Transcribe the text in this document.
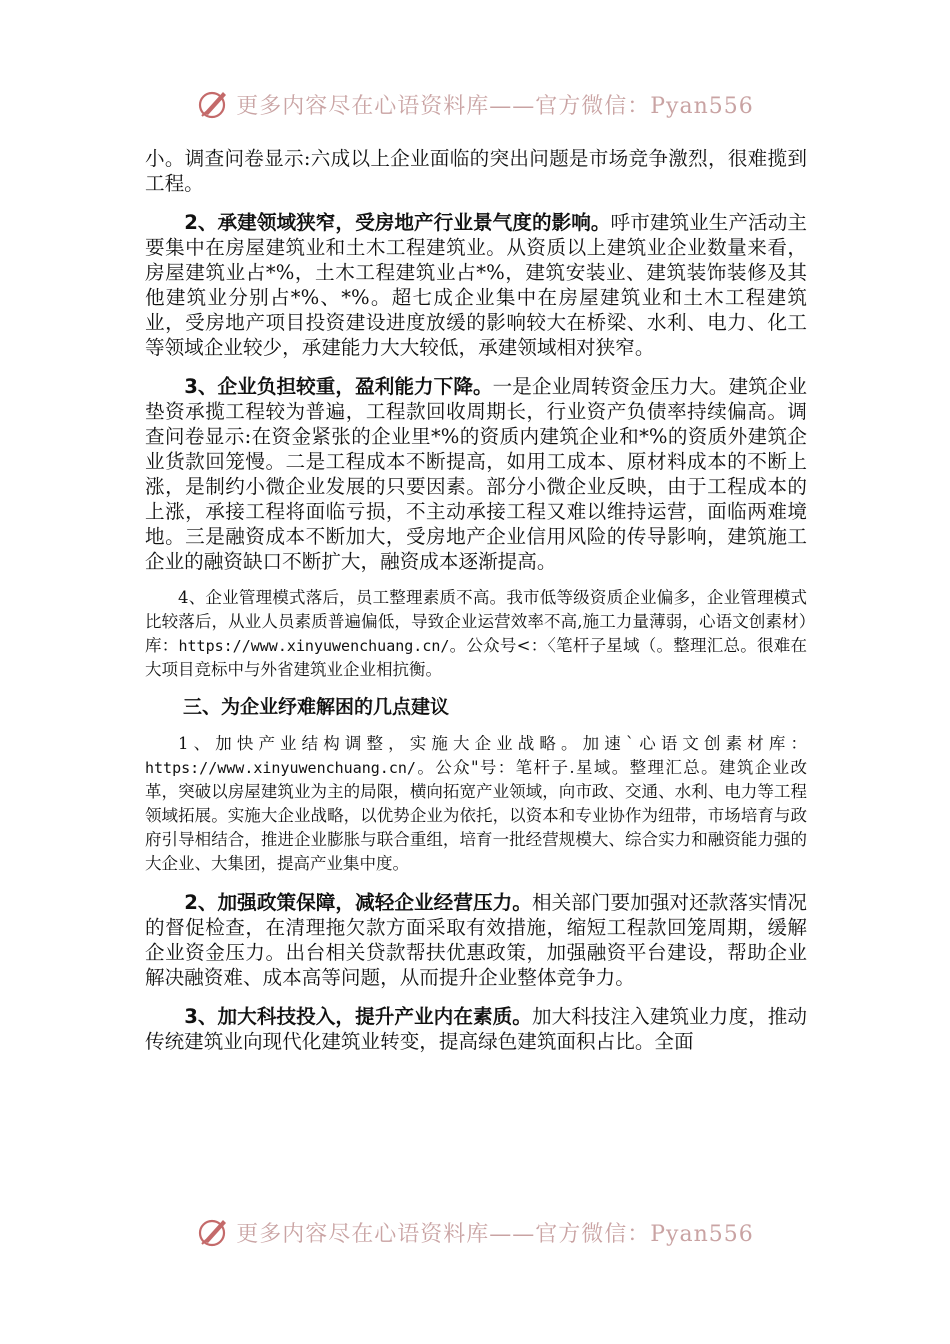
更多内容尽在心语资料库——官方微信：Pyan556

小。调查问卷显示:六成以上企业面临的突出问题是市场竞争激烈，很难揽到工程。

2、承建领域狭窄，受房地产行业景气度的影响。呼市建筑业生产活动主要集中在房屋建筑业和土木工程建筑业。从资质以上建筑业企业数量来看，房屋建筑业占*%，土木工程建筑业占*%，建筑安装业、建筑装饰装修及其他建筑业分别占*%、*%。超七成企业集中在房屋建筑业和土木工程建筑业，受房地产项目投资建设进度放缓的影响较大在桥梁、水利、电力、化工等领域企业较少，承建能力大大较低，承建领域相对狭窄。

3、企业负担较重，盈利能力下降。一是企业周转资金压力大。建筑企业垫资承揽工程较为普遍，工程款回收周期长，行业资产负债率持续偏高。调查问卷显示:在资金紧张的企业里*%的资质内建筑企业和*%的资质外建筑企业货款回笼慢。二是工程成本不断提高，如用工成本、原材料成本的不断上涨，是制约小微企业发展的只要因素。部分小微企业反映，由于工程成本的上涨，承接工程将面临亏损，不主动承接工程又难以维持运营，面临两难境地。三是融资成本不断加大，受房地产企业信用风险的传导影响，建筑施工企业的融资缺口不断扩大，融资成本逐渐提高。

4、企业管理模式落后，员工整理素质不高。我市低等级资质企业偏多，企业管理模式比较落后，从业人员素质普遍偏低，导致企业运营效率不高,施工力量薄弱，心语文创素材）库：https://www.xinyuwenchuang.cn/。公众号<：〈笔杆子星域（。整理汇总。很难在大项目竞标中与外省建筑业企业相抗衡。

三、为企业纾难解困的几点建议

1、加快产业结构调整，实施大企业战略。加速`心语文创素材库：https://www.xinyuwenchuang.cn/。公众"号：笔杆子.星域。整理汇总。建筑企业改革，突破以房屋建筑业为主的局限，横向拓宽产业领域，向市政、交通、水利、电力等工程领域拓展。实施大企业战略，以优势企业为依托，以资本和专业协作为纽带，市场培育与政府引导相结合，推进企业膨胀与联合重组，培育一批经营规模大、综合实力和融资能力强的大企业、大集团，提高产业集中度。

2、加强政策保障，减轻企业经营压力。相关部门要加强对还款落实情况的督促检查，在清理拖欠款方面采取有效措施，缩短工程款回笼周期，缓解企业资金压力。出台相关贷款帮扶优惠政策，加强融资平台建设，帮助企业解决融资难、成本高等问题，从而提升企业整体竞争力。

3、加大科技投入，提升产业内在素质。加大科技注入建筑业力度，推动传统建筑业向现代化建筑业转变，提高绿色建筑面积占比。全面

更多内容尽在心语资料库——官方微信：Pyan556
